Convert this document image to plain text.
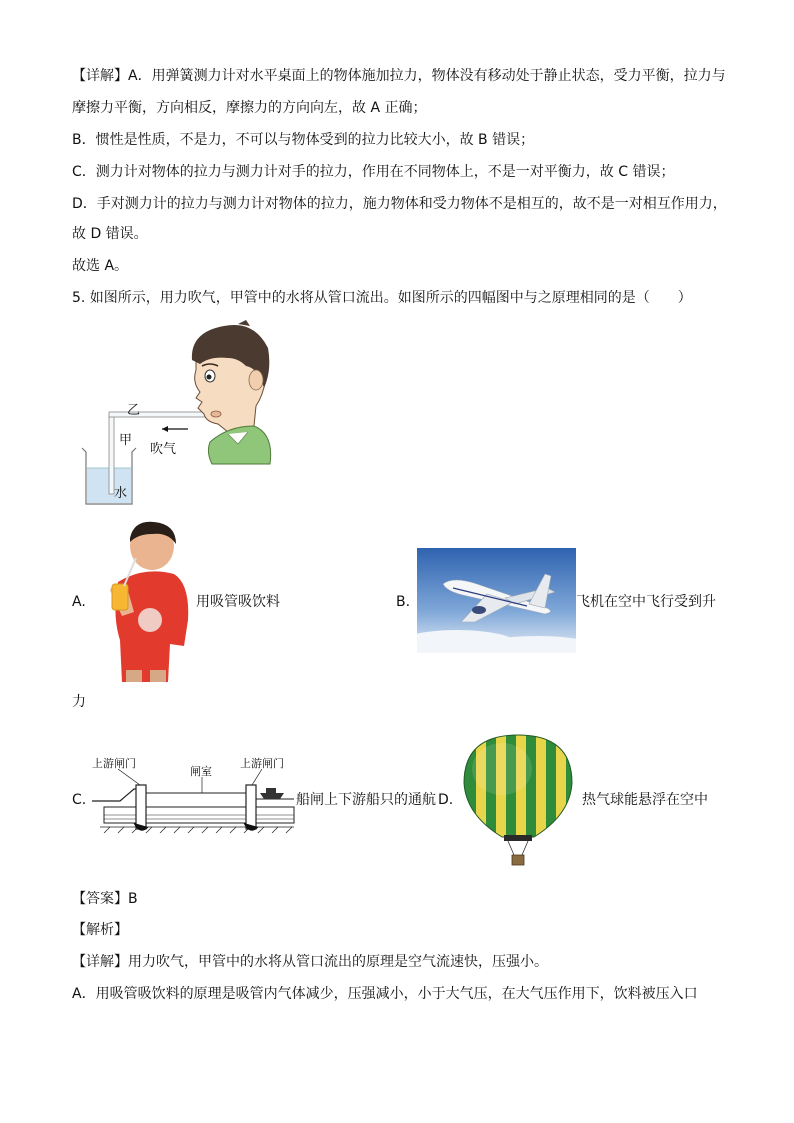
【详解】A．用弹簧测力计对水平桌面上的物体施加拉力，物体没有移动处于静止状态，受力平衡，拉力与
摩擦力平衡，方向相反，摩擦力的方向向左，故 A 正确；
B．惯性是性质，不是力，不可以与物体受到的拉力比较大小，故 B 错误；
C．测力计对物体的拉力与测力计对手的拉力，作用在不同物体上，不是一对平衡力，故 C 错误；
D．手对测力计的拉力与测力计对物体的拉力，施力物体和受力物体不是相互的，故不是一对相互作用力，
故 D 错误。
故选 A。
5. 如图所示，用力吹气，甲管中的水将从管口流出。如图所示的四幅图中与之原理相同的是（　　）
乙
甲
吹气
水
A.	用吸管吸饮料	B.	飞机在空中飞行受到升
力
C.
上游闸门
闸室
上游闸门
船闸上下游船只的通航 D.	热气球能悬浮在空中
【答案】B
【解析】
【详解】用力吹气，甲管中的水将从管口流出的原理是空气流速快，压强小。
A．用吸管吸饮料的原理是吸管内气体减少，压强减小，小于大气压，在大气压作用下，饮料被压入口
